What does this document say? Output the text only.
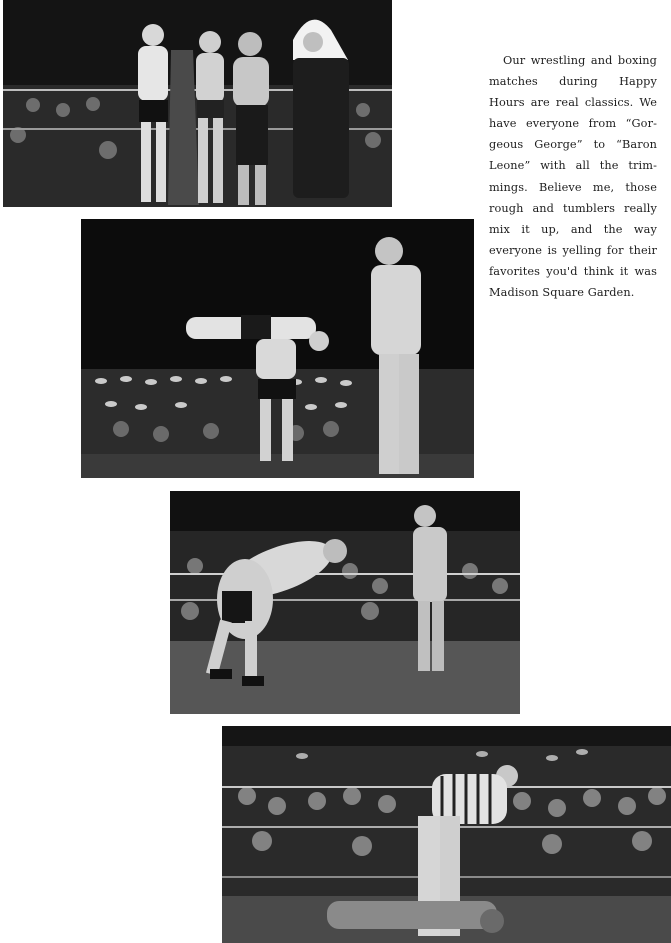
Our wrestling and boxing
matches during Happy
Hours are real classics. We
have everyone from “Gor-
geous George” to “Baron
Leone” with all the trim-
mings. Believe me, those
rough and tumblers really
mix it up, and the way
everyone is yelling for their
favorites you'd think it was
Madison Square Garden.
